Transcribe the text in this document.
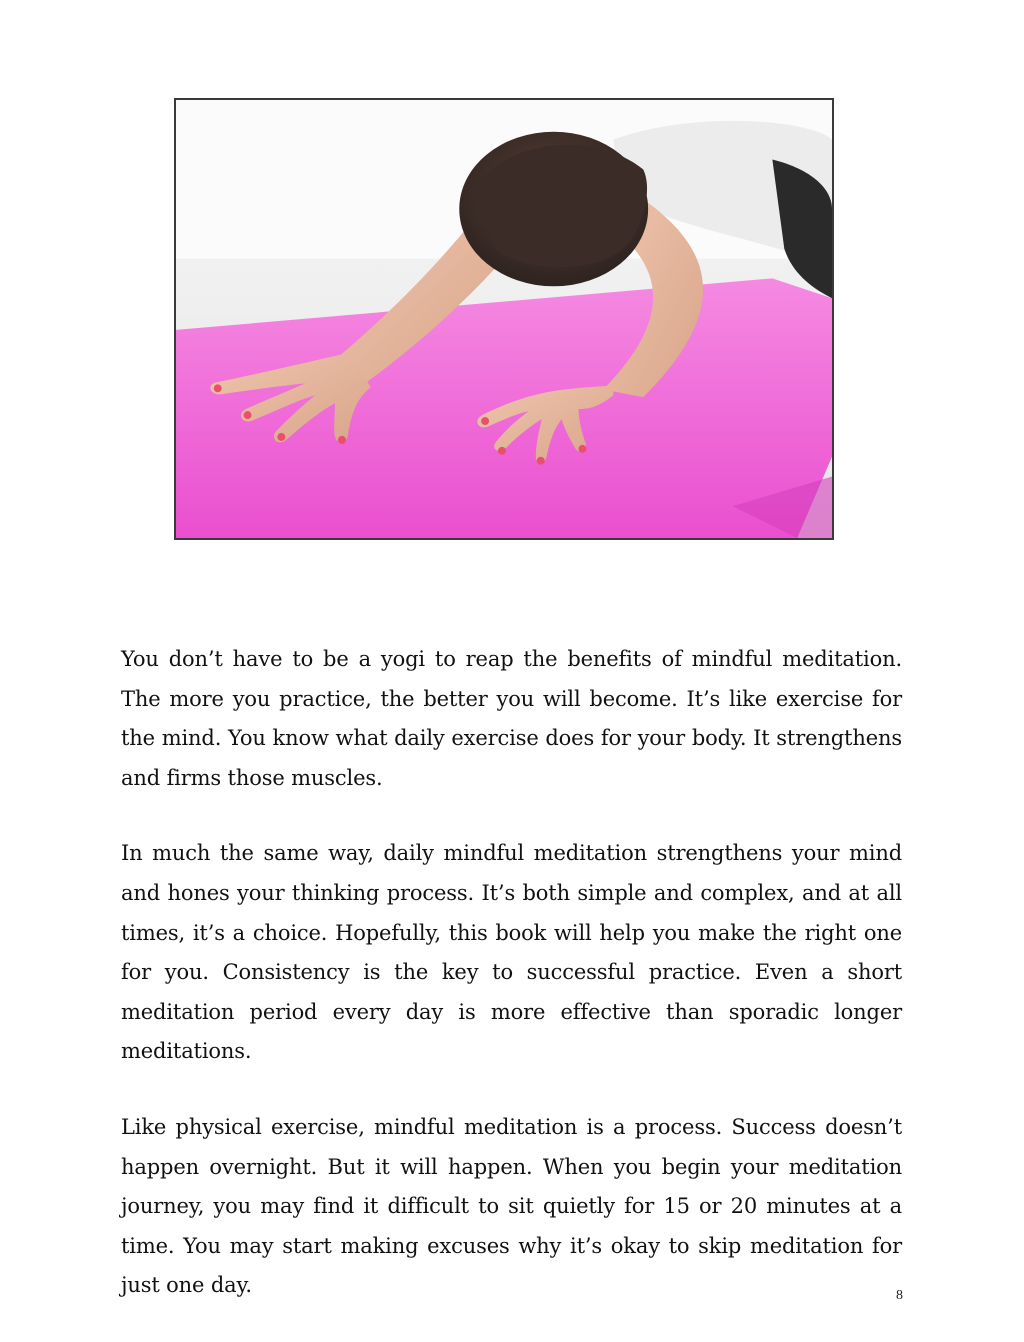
You don’t have to be a yogi to reap the benefits of mindful meditation. The more you practice, the better you will become. It’s like exercise for the mind. You know what daily exercise does for your body. It strengthens and firms those muscles.

In much the same way, daily mindful meditation strengthens your mind and hones your thinking process. It’s both simple and complex, and at all times, it’s a choice. Hopefully, this book will help you make the right one for you. Consistency is the key to successful practice. Even a short meditation period every day is more effective than sporadic longer meditations.

Like physical exercise, mindful meditation is a process. Success doesn’t happen overnight. But it will happen. When you begin your meditation journey, you may find it difficult to sit quietly for 15 or 20 minutes at a time. You may start making excuses why it’s okay to skip meditation for just one day.	8
